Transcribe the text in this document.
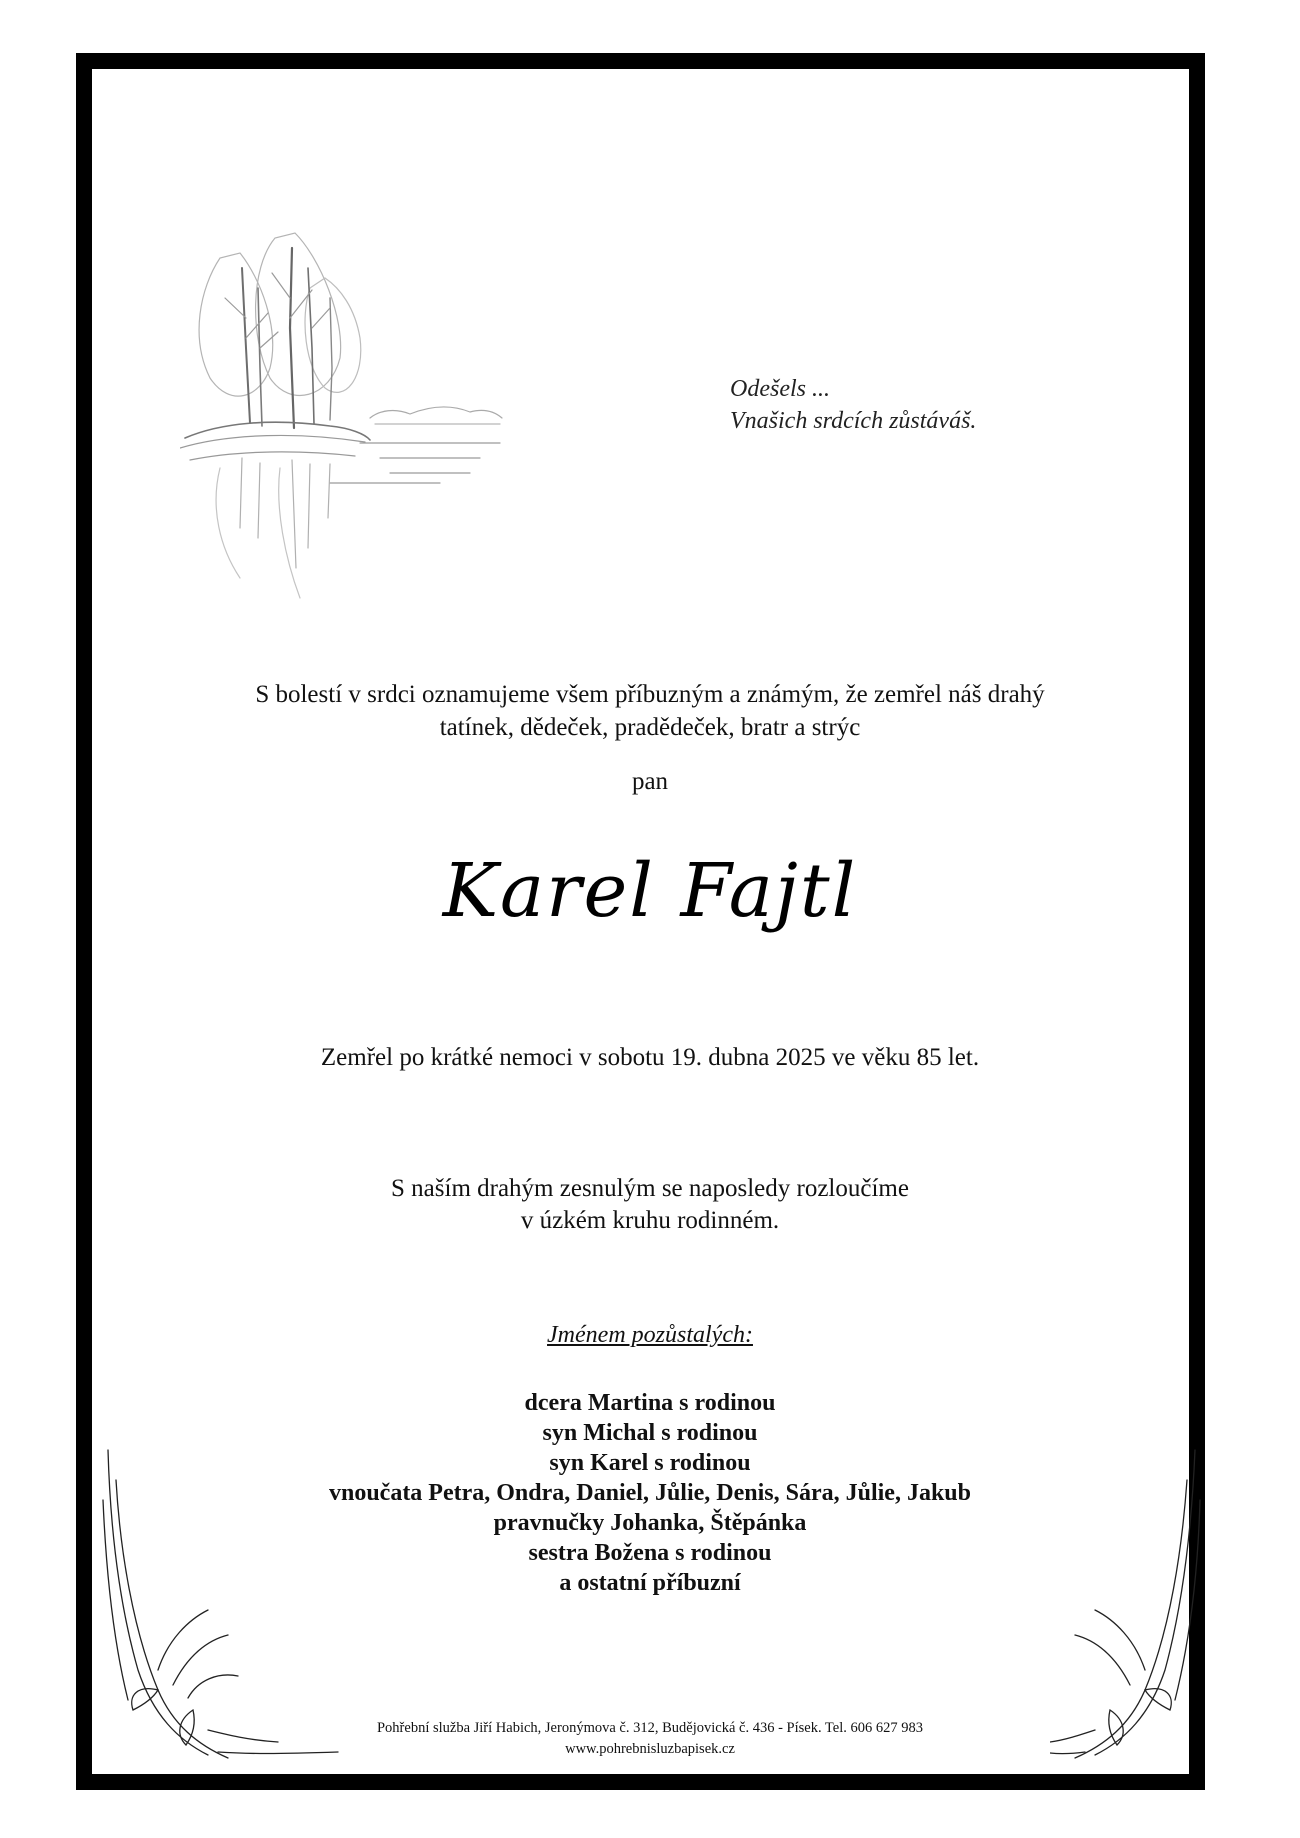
Odešels ...
Vnašich srdcích zůstáváš.
S bolestí v srdci oznamujeme všem příbuzným a známým, že zemřel náš drahý
tatínek, dědeček, pradědeček, bratr a strýc
pan
Karel Fajtl
Zemřel po krátké nemoci v sobotu 19. dubna 2025 ve věku 85 let.
S naším drahým zesnulým se naposledy rozloučíme
v úzkém kruhu rodinném.
Jménem pozůstalých:
dcera Martina s rodinou
syn Michal s rodinou
syn Karel s rodinou
vnoučata Petra, Ondra, Daniel, Jůlie, Denis, Sára, Jůlie, Jakub
pravnučky Johanka, Štěpánka
sestra Božena s rodinou
a ostatní příbuzní
Pohřební služba Jiří Habich, Jeronýmova č. 312, Budějovická č. 436 - Písek. Tel. 606 627 983
www.pohrebnisluzbapisek.cz
